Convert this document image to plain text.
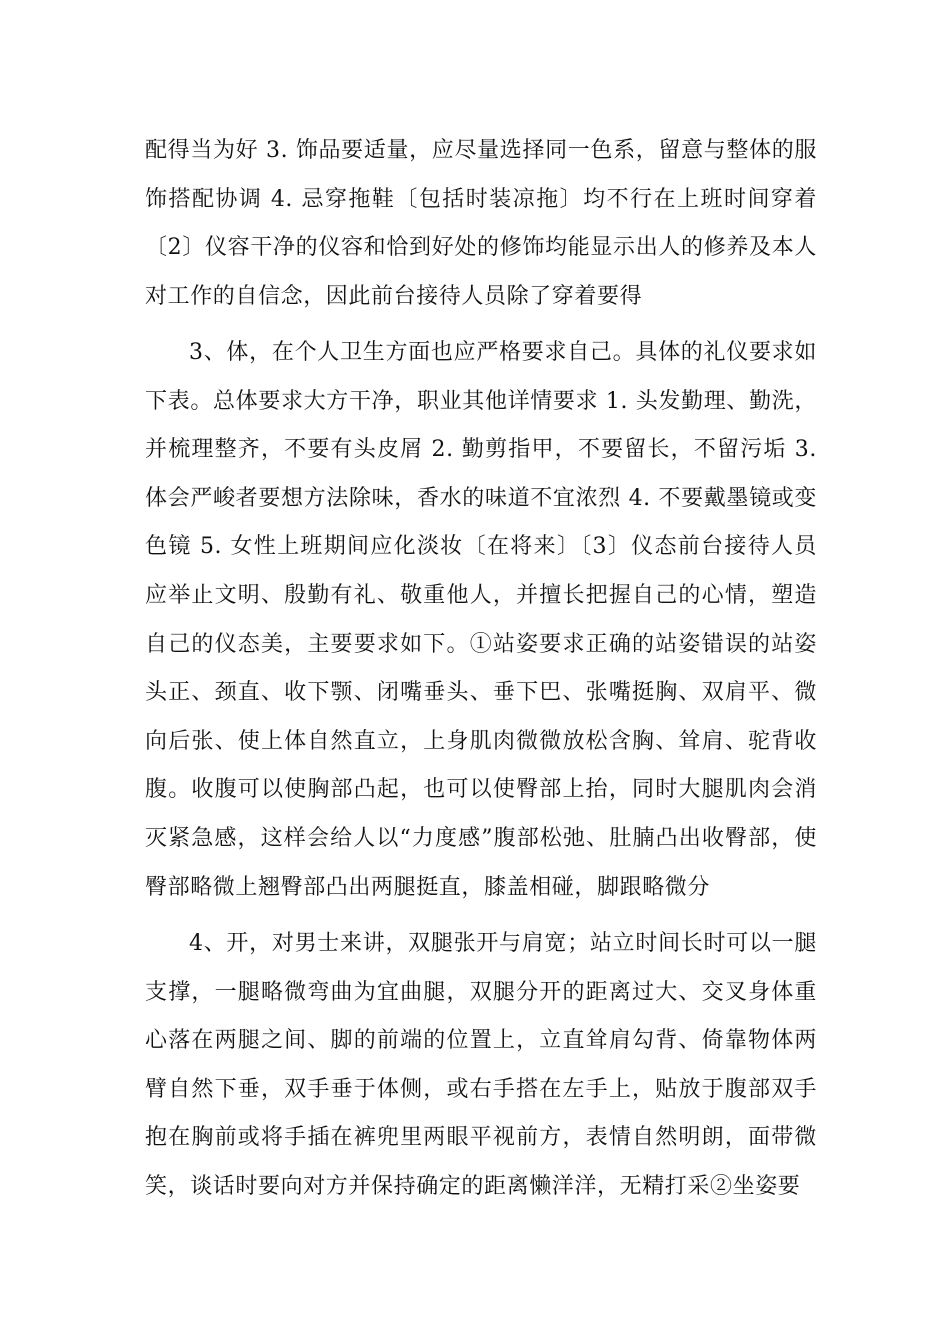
配得当为好 3. 饰品要适量，应尽量选择同一色系，留意与整体的服饰搭配协调 4. 忌穿拖鞋〔包括时装凉拖〕均不行在上班时间穿着〔2〕仪容干净的仪容和恰到好处的修饰均能显示出人的修养及本人对工作的自信念，因此前台接待人员除了穿着要得

3、体，在个人卫生方面也应严格要求自己。具体的礼仪要求如下表。总体要求大方干净，职业其他详情要求 1. 头发勤理、勤洗，并梳理整齐，不要有头皮屑 2. 勤剪指甲，不要留长，不留污垢 3. 体会严峻者要想方法除味，香水的味道不宜浓烈 4. 不要戴墨镜或变色镜 5. 女性上班期间应化淡妆〔在将来〕〔3〕仪态前台接待人员应举止文明、殷勤有礼、敬重他人，并擅长把握自己的心情，塑造自己的仪态美，主要要求如下。①站姿要求正确的站姿错误的站姿头正、颈直、收下颚、闭嘴垂头、垂下巴、张嘴挺胸、双肩平、微向后张、使上体自然直立，上身肌肉微微放松含胸、耸肩、驼背收腹。收腹可以使胸部凸起，也可以使臀部上抬，同时大腿肌肉会消灭紧急感，这样会给人以“力度感”腹部松弛、肚腩凸出收臀部，使臀部略微上翘臀部凸出两腿挺直，膝盖相碰，脚跟略微分

4、开，对男士来讲，双腿张开与肩宽；站立时间长时可以一腿支撑，一腿略微弯曲为宜曲腿，双腿分开的距离过大、交叉身体重心落在两腿之间、脚的前端的位置上，立直耸肩勾背、倚靠物体两臂自然下垂，双手垂于体侧，或右手搭在左手上，贴放于腹部双手抱在胸前或将手插在裤兜里两眼平视前方，表情自然明朗，面带微笑，谈话时要向对方并保持确定的距离懒洋洋，无精打采②坐姿要
